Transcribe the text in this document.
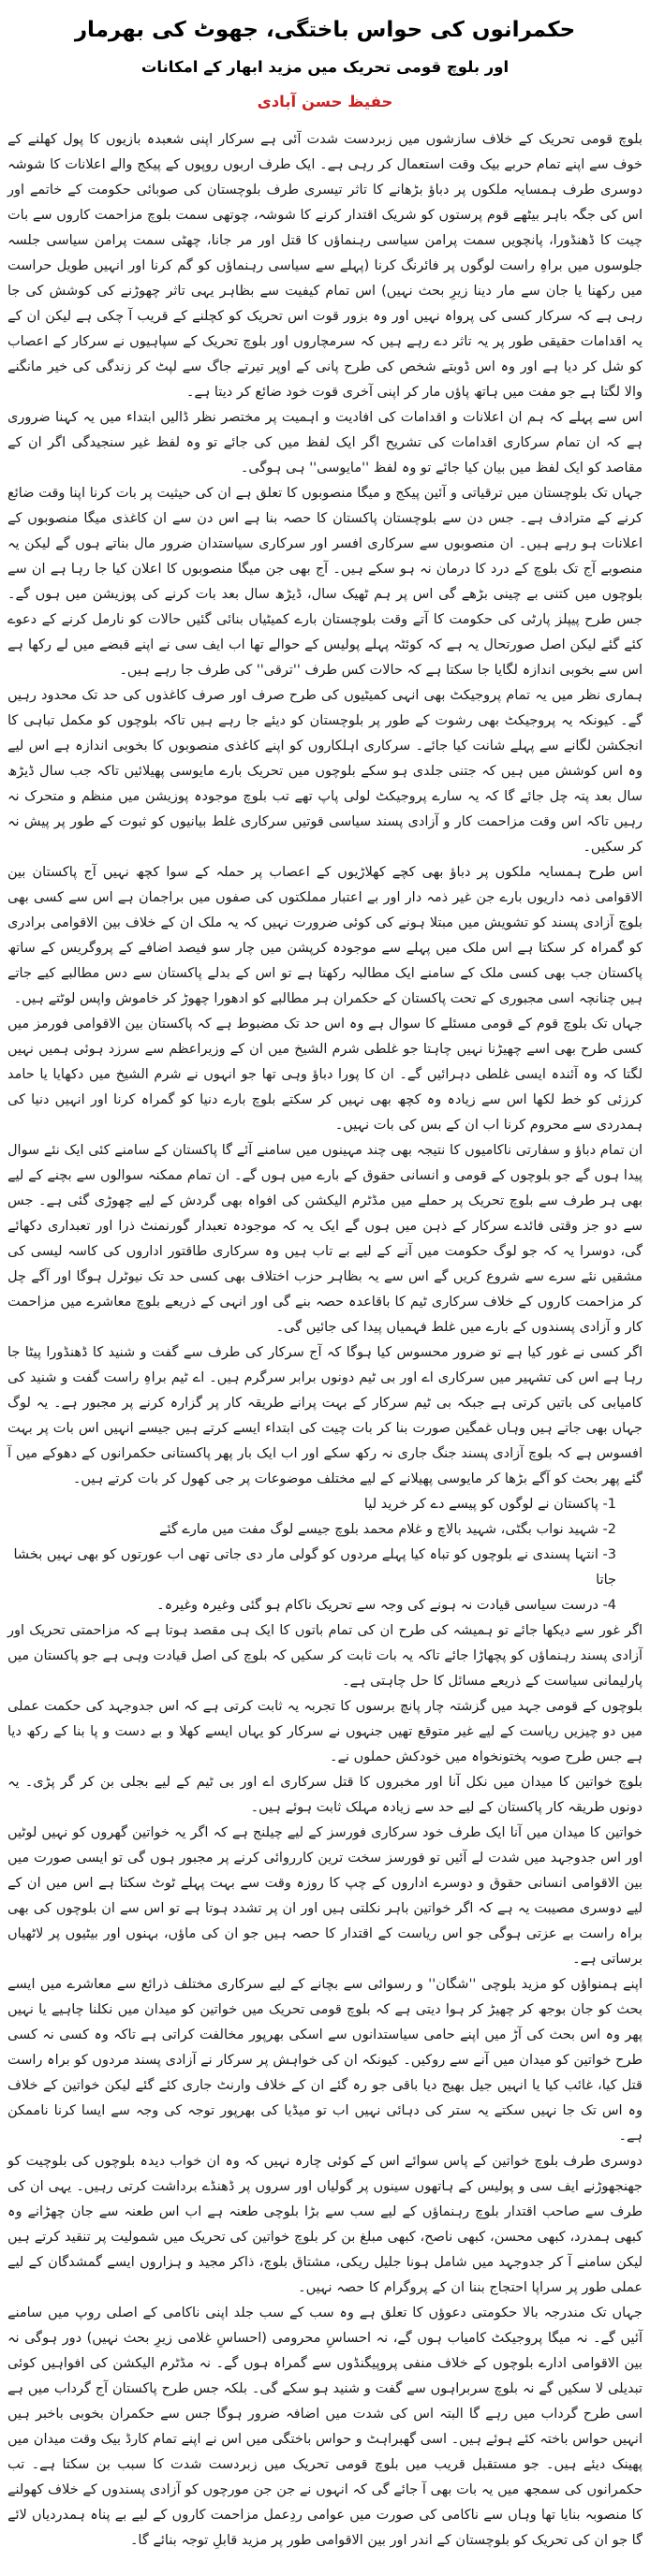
حکمرانوں کی حواس باختگی، جھوٹ کی بھرمار
اور بلوچ قومی تحریک میں مزید ابھار کے امکانات
حفیظ حسن آبادی
بلوچ قومی تحریک کے خلاف سازشوں میں زبردست شدت آئی ہے سرکار اپنی شعبدہ بازیوں کا پول کھلنے کے خوف سے اپنے تمام حربے بیک وقت استعمال کر رہی ہے۔ ایک طرف اربوں روپوں کے پیکج والے اعلانات کا شوشہ دوسری طرف ہمسایہ ملکوں پر دباؤ بڑھانے کا تاثر تیسری طرف بلوچستان کی صوبائی حکومت کے خاتمے اور اس کی جگہ باہر بیٹھے قوم پرستوں کو شریک اقتدار کرنے کا شوشہ، چوتھی سمت بلوچ مزاحمت کاروں سے بات چیت کا ڈھنڈورا، پانچویں سمت پرامن سیاسی رہنماؤں کا قتل اور مر جانا، چھٹی سمت پرامن سیاسی جلسہ جلوسوں میں براہِ راست لوگوں پر فائرنگ کرنا (پہلے سے سیاسی رہنماؤں کو گم کرنا اور انہیں طویل حراست میں رکھنا یا جان سے مار دینا زیرِ بحث نہیں) اس تمام کیفیت سے بظاہر یہی تاثر چھوڑنے کی کوشش کی جا رہی ہے کہ سرکار کسی کی پرواہ نہیں اور وہ بزور قوت اس تحریک کو کچلنے کے قریب آ چکی ہے لیکن ان کے یہ اقدامات حقیقی طور پر یہ تاثر دے رہے ہیں کہ سرمچاروں اور بلوچ تحریک کے سپاہیوں نے سرکار کے اعصاب کو شل کر دیا ہے اور وہ اس ڈوبتے شخص کی طرح پانی کے اوپر تیرتے جاگ سے لپٹ کر زندگی کی خیر مانگنے والا لگتا ہے جو مفت میں ہاتھ پاؤں مار کر اپنی آخری قوت خود ضائع کر دیتا ہے۔
اس سے پہلے کہ ہم ان اعلانات و اقدامات کی افادیت و اہمیت پر مختصر نظر ڈالیں ابتداء میں یہ کہنا ضروری ہے کہ ان تمام سرکاری اقدامات کی تشریح اگر ایک لفظ میں کی جائے تو وہ لفظ غیر سنجیدگی اگر ان کے مقاصد کو ایک لفظ میں بیان کیا جائے تو وہ لفظ ''مایوسی'' ہی ہوگی۔
جہاں تک بلوچستان میں ترقیاتی و آئین پیکج و میگا منصوبوں کا تعلق ہے ان کی حیثیت پر بات کرنا اپنا وقت ضائع کرنے کے مترادف ہے۔ جس دن سے بلوچستان پاکستان کا حصہ بنا ہے اس دن سے ان کاغذی میگا منصوبوں کے اعلانات ہو رہے ہیں۔ ان منصوبوں سے سرکاری افسر اور سرکاری سیاستدان ضرور مال بناتے ہوں گے لیکن یہ منصوبے آج تک بلوچ کے درد کا درمان نہ ہو سکے ہیں۔ آج بھی جن میگا منصوبوں کا اعلان کیا جا رہا ہے ان سے بلوچوں میں کتنی بے چینی بڑھے گی اس پر ہم ٹھیک سال، ڈیڑھ سال بعد بات کرنے کی پوزیشن میں ہوں گے۔ جس طرح پیپلز پارٹی کی حکومت کا آتے وقت بلوچستان بارے کمیٹیاں بنائی گئیں حالات کو نارمل کرنے کے دعوے کئے گئے لیکن اصل صورتحال یہ ہے کہ کوئٹہ پہلے پولیس کے حوالے تھا اب ایف سی نے اپنے قبضے میں لے رکھا ہے اس سے بخوبی اندازہ لگایا جا سکتا ہے کہ حالات کس طرف ''ترقی'' کی طرف جا رہے ہیں۔
ہماری نظر میں یہ تمام پروجیکٹ بھی انہی کمیٹیوں کی طرح صرف اور صرف کاغذوں کی حد تک محدود رہیں گے۔ کیونکہ یہ پروجیکٹ بھی رشوت کے طور پر بلوچستان کو دیئے جا رہے ہیں تاکہ بلوچوں کو مکمل تباہی کا انجکشن لگانے سے پہلے شانت کیا جائے۔ سرکاری اہلکاروں کو اپنے کاغذی منصوبوں کا بخوبی اندازہ ہے اس لیے وہ اس کوشش میں ہیں کہ جتنی جلدی ہو سکے بلوچوں میں تحریک بارے مایوسی پھیلائیں تاکہ جب سال ڈیڑھ سال بعد پتہ چل جائے گا کہ یہ سارے پروجیکٹ لولی پاپ تھے تب بلوچ موجودہ پوزیشن میں منظم و متحرک نہ رہیں تاکہ اس وقت مزاحمت کار و آزادی پسند سیاسی قوتیں سرکاری غلط بیانیوں کو ثبوت کے طور پر پیش نہ کر سکیں۔
اس طرح ہمسایہ ملکوں پر دباؤ بھی کچے کھلاڑیوں کے اعصاب پر حملہ کے سوا کچھ نہیں آج پاکستان بین الاقوامی ذمہ داریوں بارے جن غیر ذمہ دار اور بے اعتبار مملکتوں کی صفوں میں براجمان ہے اس سے کسی بھی بلوچ آزادی پسند کو تشویش میں مبتلا ہونے کی کوئی ضرورت نہیں کہ یہ ملک ان کے خلاف بین الاقوامی برادری کو گمراہ کر سکتا ہے اس ملک میں پہلے سے موجودہ کرپشن میں چار سو فیصد اضافے کے پروگریس کے ساتھ پاکستان جب بھی کسی ملک کے سامنے ایک مطالبہ رکھتا ہے تو اس کے بدلے پاکستان سے دس مطالبے کیے جاتے ہیں چنانچہ اسی مجبوری کے تحت پاکستان کے حکمران ہر مطالبے کو ادھورا چھوڑ کر خاموش واپس لوٹتے ہیں۔
جہاں تک بلوچ قوم کے قومی مسئلے کا سوال ہے وہ اس حد تک مضبوط ہے کہ پاکستان بین الاقوامی فورمز میں کسی طرح بھی اسے چھیڑنا نہیں چاہتا جو غلطی شرم الشیخ میں ان کے وزیراعظم سے سرزد ہوئی ہمیں نہیں لگتا کہ وہ آئندہ ایسی غلطی دہرائیں گے۔ ان کا پورا دباؤ وہی تھا جو انہوں نے شرم الشیخ میں دکھایا یا حامد کرزئی کو خط لکھا اس سے زیادہ وہ کچھ بھی نہیں کر سکتے بلوچ بارے دنیا کو گمراہ کرنا اور انہیں دنیا کی ہمدردی سے محروم کرنا اب ان کے بس کی بات نہیں۔
ان تمام دباؤ و سفارتی ناکامیوں کا نتیجہ بھی چند مہینوں میں سامنے آئے گا پاکستان کے سامنے کئی ایک نئے سوال پیدا ہوں گے جو بلوچوں کے قومی و انسانی حقوق کے بارے میں ہوں گے۔ ان تمام ممکنہ سوالوں سے بچنے کے لیے بھی ہر طرف سے بلوچ تحریک پر حملے میں مڈٹرم الیکشن کی افواہ بھی گردش کے لیے چھوڑی گئی ہے۔ جس سے دو جز وقتی فائدے سرکار کے ذہن میں ہوں گے ایک یہ کہ موجودہ تعبدار گورنمنٹ ذرا اور تعبداری دکھائے گی، دوسرا یہ کہ جو لوگ حکومت میں آنے کے لیے بے تاب ہیں وہ سرکاری طاقتور اداروں کی کاسہ لیسی کی مشقیں نئے سرے سے شروع کریں گے اس سے یہ بظاہر حزب اختلاف بھی کسی حد تک نیوٹرل ہوگا اور آگے چل کر مزاحمت کاروں کے خلاف سرکاری ٹیم کا باقاعدہ حصہ بنے گی اور انہی کے ذریعے بلوچ معاشرے میں مزاحمت کار و آزادی پسندوں کے بارے میں غلط فہمیاں پیدا کی جائیں گی۔
اگر کسی نے غور کیا ہے تو ضرور محسوس کیا ہوگا کہ آج سرکار کی طرف سے گفت و شنید کا ڈھنڈورا پیٹا جا رہا ہے اس کی تشہیر میں سرکاری اے اور بی ٹیم دونوں برابر سرگرم ہیں۔ اے ٹیم براہِ راست گفت و شنید کی کامیابی کی باتیں کرتی ہے جبکہ بی ٹیم سرکار کے بہت پرانے طریقہ کار پر گزارہ کرنے پر مجبور ہے۔ یہ لوگ جہاں بھی جاتے ہیں وہاں غمگین صورت بنا کر بات چیت کی ابتداء ایسے کرتے ہیں جیسے انہیں اس بات پر بہت افسوس ہے کہ بلوچ آزادی پسند جنگ جاری نہ رکھ سکے اور اب ایک بار پھر پاکستانی حکمرانوں کے دھوکے میں آ گئے پھر بحث کو آگے بڑھا کر مایوسی پھیلانے کے لیے مختلف موضوعات پر جی کھول کر بات کرتے ہیں۔
1- پاکستان نے لوگوں کو پیسے دے کر خرید لیا
2- شہید نواب بگٹی، شہید بالاچ و غلام محمد بلوچ جیسے لوگ مفت میں مارے گئے
3- انتہا پسندی نے بلوچوں کو تباہ کیا پہلے مردوں کو گولی مار دی جاتی تھی اب عورتوں کو بھی نہیں بخشا جاتا
4- درست سیاسی قیادت نہ ہونے کی وجہ سے تحریک ناکام ہو گئی وغیرہ وغیرہ۔
اگر غور سے دیکھا جائے تو ہمیشہ کی طرح ان کی تمام باتوں کا ایک ہی مقصد ہوتا ہے کہ مزاحمتی تحریک اور آزادی پسند رہنماؤں کو پچھاڑا جائے تاکہ یہ بات ثابت کر سکیں کہ بلوچ کی اصل قیادت وہی ہے جو پاکستان میں پارلیمانی سیاست کے ذریعے مسائل کا حل چاہتی ہے۔
بلوچوں کے قومی جہد میں گزشتہ چار پانچ برسوں کا تجربہ یہ ثابت کرتی ہے کہ اس جدوجہد کی حکمت عملی میں دو چیزیں ریاست کے لیے غیر متوقع تھیں جنہوں نے سرکار کو یہاں ایسے کھلا و بے دست و پا بنا کے رکھ دیا ہے جس طرح صوبہ پختونخواہ میں خودکش حملوں نے۔
بلوچ خواتین کا میدان میں نکل آنا اور مخبروں کا قتل سرکاری اے اور بی ٹیم کے لیے بجلی بن کر گر پڑی۔ یہ دونوں طریقہ کار پاکستان کے لیے حد سے زیادہ مہلک ثابت ہوئے ہیں۔
خواتین کا میدان میں آنا ایک طرف خود سرکاری فورسز کے لیے چیلنج ہے کہ اگر یہ خواتین گھروں کو نہیں لوٹیں اور اس جدوجہد میں شدت لے آئیں تو فورسز سخت ترین کارروائی کرنے پر مجبور ہوں گی تو ایسی صورت میں بین الاقوامی انسانی حقوق و دوسرے اداروں کے چپ کا روزہ وقت سے بہت پہلے ٹوٹ سکتا ہے اس میں ان کے لیے دوسری مصیبت یہ ہے کہ اگر خواتین باہر نکلتی ہیں اور ان پر تشدد ہوتا ہے تو اس سے ان بلوچوں کی بھی براہ راست بے عزتی ہوگی جو اس ریاست کے اقتدار کا حصہ ہیں جو ان کی ماؤں، بہنوں اور بیٹیوں پر لاٹھیاں برساتی ہے۔
اپنے ہمنواؤں کو مزید بلوچی ''شگان'' و رسوائی سے بچانے کے لیے سرکاری مختلف ذرائع سے معاشرے میں ایسے بحث کو جان بوجھ کر چھیڑ کر ہوا دیتی ہے کہ بلوچ قومی تحریک میں خواتین کو میدان میں نکلنا چاہیے یا نہیں پھر وہ اس بحث کی آڑ میں اپنے حامی سیاستدانوں سے اسکی بھرپور مخالفت کراتی ہے تاکہ وہ کسی نہ کسی طرح خواتین کو میدان میں آنے سے روکیں۔ کیونکہ ان کی خواہش پر سرکار نے آزادی پسند مردوں کو براہ راست قتل کیا، غائب کیا یا انہیں جیل بھیج دیا باقی جو رہ گئے ان کے خلاف وارنٹ جاری کئے گئے لیکن خواتین کے خلاف وہ اس تک جا نہیں سکتے یہ ستر کی دہائی نہیں اب تو میڈیا کی بھرپور توجہ کی وجہ سے ایسا کرنا ناممکن ہے۔
دوسری طرف بلوچ خواتین کے پاس سوائے اس کے کوئی چارہ نہیں کہ وہ ان خواب دیدہ بلوچوں کی بلوچیت کو جھنجھوڑنے ایف سی و پولیس کے ہاتھوں سینوں پر گولیاں اور سروں پر ڈھنڈے برداشت کرتی رہیں۔ یہی ان کی طرف سے صاحب اقتدار بلوچ رہنماؤں کے لیے سب سے بڑا بلوچی طعنہ ہے اب اس طعنہ سے جان چھڑانے وہ کبھی ہمدرد، کبھی محسن، کبھی ناصح، کبھی مبلغ بن کر بلوچ خواتین کی تحریک میں شمولیت پر تنقید کرتے ہیں لیکن سامنے آ کر جدوجہد میں شامل ہونا جلیل ریکی، مشتاق بلوچ، ذاکر مجید و ہزاروں ایسے گمشدگان کے لیے عملی طور پر سراپا احتجاج بننا ان کے پروگرام کا حصہ نہیں۔
جہاں تک مندرجہ بالا حکومتی دعوؤں کا تعلق ہے وہ سب کے سب جلد اپنی ناکامی کے اصلی روپ میں سامنے آئیں گے۔ نہ میگا پروجیکٹ کامیاب ہوں گے، نہ احساسِ محرومی (احساسِ غلامی زیرِ بحث نہیں) دور ہوگی نہ بین الاقوامی ادارے بلوچوں کے خلاف منفی پروپیگنڈوں سے گمراہ ہوں گے۔ نہ مڈٹرم الیکشن کی افواہیں کوئی تبدیلی لا سکیں گے نہ بلوچ سربراہوں سے گفت و شنید ہو سکے گی۔ بلکہ جس طرح پاکستان آج گرداب میں ہے اسی طرح گرداب میں رہے گا البتہ اس کی شدت میں اضافہ ضرور ہوگا جس سے حکمران بخوبی باخبر ہیں انہیں حواس باختہ کئے ہوئے ہیں۔ اسی گھبراہٹ و حواس باختگی میں اس نے اپنے تمام کارڈ بیک وقت میدان میں پھینک دیئے ہیں۔ جو مستقبل قریب میں بلوچ قومی تحریک میں زبردست شدت کا سبب بن سکتا ہے۔ تب حکمرانوں کی سمجھ میں یہ بات بھی آ جائے گی کہ انہوں نے جن جن مورچوں کو آزادی پسندوں کے خلاف کھولنے کا منصوبہ بنایا تھا وہاں سے ناکامی کی صورت میں عوامی ردِعمل مزاحمت کاروں کے لیے بے پناہ ہمدردیاں لائے گا جو ان کی تحریک کو بلوچستان کے اندر اور بین الاقوامی طور پر مزید قابلِ توجہ بنائے گا۔
